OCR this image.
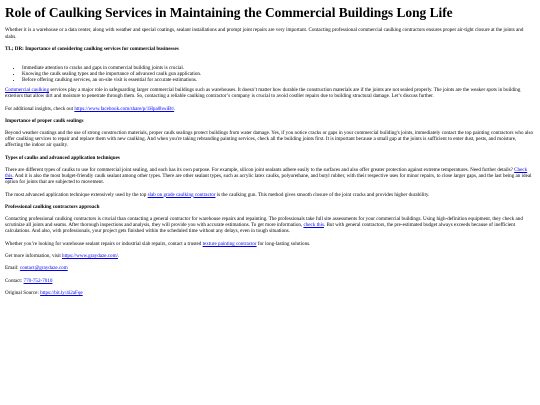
Role of Caulking Services in Maintaining the Commercial Buildings Long Life

Whether it is a warehouse or a data center, along with weather and special coatings, sealant installations and prompt joint repairs are very important. Contacting professional commercial caulking contractors ensures proper air-tight closure at the joints and slabs.

TL; DR: Importance of considering caulking services for commercial businesses

• Immediate attention to cracks and gaps in commercial building joints is crucial.
• Knowing the caulk sealing types and the importance of advanced caulk gun application.
• Before offering caulking services, an on-site visit is essential for accurate estimations.

Commercial caulking services play a major role in safeguarding larger commercial buildings such as warehouses. It doesn’t matter how durable the construction materials are if the joints are not sealed properly. The joints are the weaker spots in building exteriors that allow dirt and moisture to penetrate through them. So, contacting a reliable caulking contractor’s company is crucial to avoid costlier repairs due to building structural damage. Let’s discuss further.

For additional insights, check out https://www.facebook.com/share/p/1Hpa0hwiBt/.

Importance of proper caulk sealings

Beyond weather coatings and the use of strong construction materials, proper caulk sealings protect buildings from water damage. Yes, if you notice cracks or gaps in your commercial building's joints, immediately contact the top painting contractors who also offer caulking services to repair and replace them with new caulking. And when you're taking rebranding painting services, check all the building joints first. It is important because a small gap at the joints is sufficient to enter dust, pests, and moisture, affecting the indoor air quality.

Types of caulks and advanced application techniques

There are different types of caulks to use for commercial joint sealing, and each has its own purpose. For example, silicon joint sealants adhere easily to the surfaces and also offer greater protection against extreme temperatures. Need further details? Check this. And it is also the most budget-friendly caulk sealant among other types. There are other sealant types, such as acrylic latex caulks, polyurethane, and butyl rubber, with their respective uses for minor repairs, to close larger gaps, and the last being an ideal option for joints that are subjected to movement.

The most advanced application technique extensively used by the top slab on grade caulking contractor is the caulking gun. This method gives smooth closure of the joint cracks and provides higher durability.

Professional caulking contractors approach

Contacting professional caulking contractors is crucial than contacting a general contractor for warehouse repairs and repainting. The professionals take full site assessments for your commercial buildings. Using high-definition equipment, they check and scrutinize all joints and seams. After thorough inspections and analysis, they will provide you with accurate estimations. To get more information, check this. But with general contractors, the pre-estimated budget always exceeds because of inefficient calculations. And also, with professionals, your project gets finished within the scheduled time without any delays, even in tough situations.

Whether you’re looking for warehouse sealant repairs or industrial slab repairs, contact a trusted texture painting contractor for long-lasting solutions.

Get more information, visit https://www.graydaze.com/.

Email: contact@graydaze.com

Contact: 770-752-7010

Original Source: https://bit.ly/4i2aFqe
